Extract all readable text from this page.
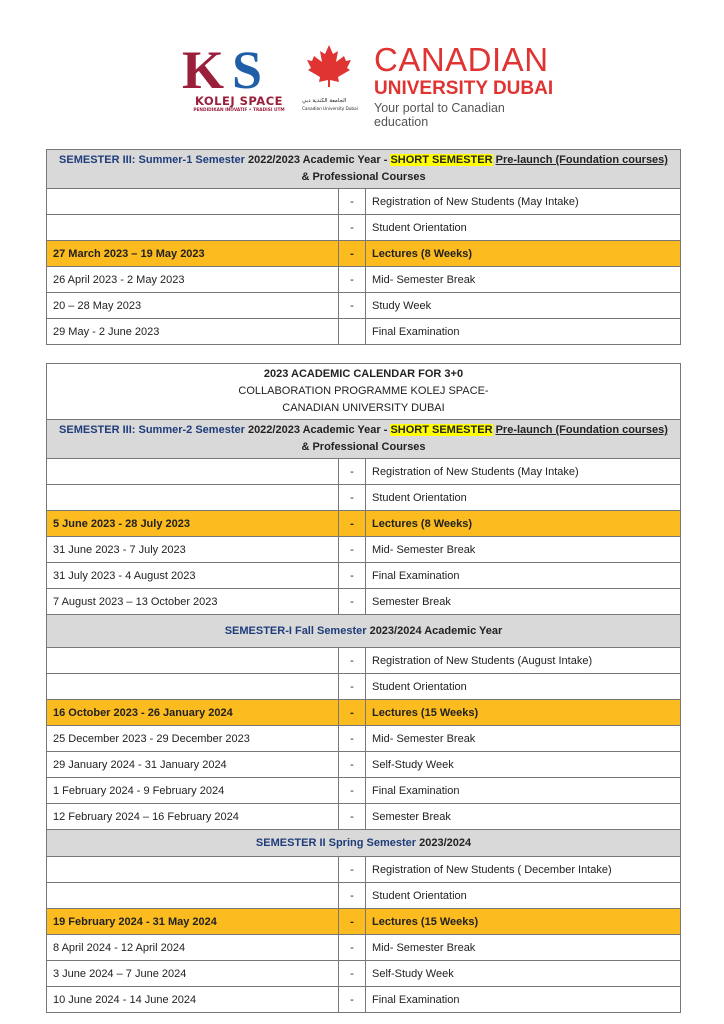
K S
KOLEJ SPACE
PENDIDIKAN INOVATIF • TRADISI UTM
الجامعة الكندية دبي
Canadian University Dubai
CANADIAN
UNIVERSITY DUBAI
Your portal to Canadian education
SEMESTER III: Summer-1 Semester 2022/2023 Academic Year - SHORT SEMESTER Pre-launch (Foundation courses)
& Professional Courses		
	-	Registration of New Students (May Intake)
	-	Student Orientation
27 March 2023 – 19 May 2023	-	Lectures (8 Weeks)
26 April 2023 - 2 May 2023	-	Mid- Semester Break
20 – 28 May 2023	-	Study Week
29 May - 2 June 2023		Final Examination
2023 ACADEMIC CALENDAR FOR 3+0
COLLABORATION PROGRAMME KOLEJ SPACE-
CANADIAN UNIVERSITY DUBAI		
SEMESTER III: Summer-2 Semester 2022/2023 Academic Year - SHORT SEMESTER Pre-launch (Foundation courses)
& Professional Courses		
	-	Registration of New Students (May Intake)
	-	Student Orientation
5 June 2023 - 28 July 2023	-	Lectures (8 Weeks)
31 June 2023 - 7 July 2023	-	Mid- Semester Break
31 July 2023 - 4 August 2023	-	Final Examination
7 August 2023 – 13 October 2023	-	Semester Break
SEMESTER-I Fall Semester 2023/2024 Academic Year		
	-	Registration of New Students (August Intake)
	-	Student Orientation
16 October 2023 - 26 January 2024	-	Lectures (15 Weeks)
25 December 2023 - 29 December 2023	-	Mid- Semester Break
29 January 2024 - 31 January 2024	-	Self-Study Week
1 February 2024 - 9 February 2024	-	Final Examination
12 February 2024 – 16 February 2024	-	Semester Break
SEMESTER II Spring Semester 2023/2024		
	-	Registration of New Students ( December Intake)
	-	Student Orientation
19 February 2024 - 31 May 2024	-	Lectures (15 Weeks)
8 April 2024 - 12 April 2024	-	Mid- Semester Break
3 June 2024 – 7 June 2024	-	Self-Study Week
10 June 2024 - 14 June 2024	-	Final Examination
